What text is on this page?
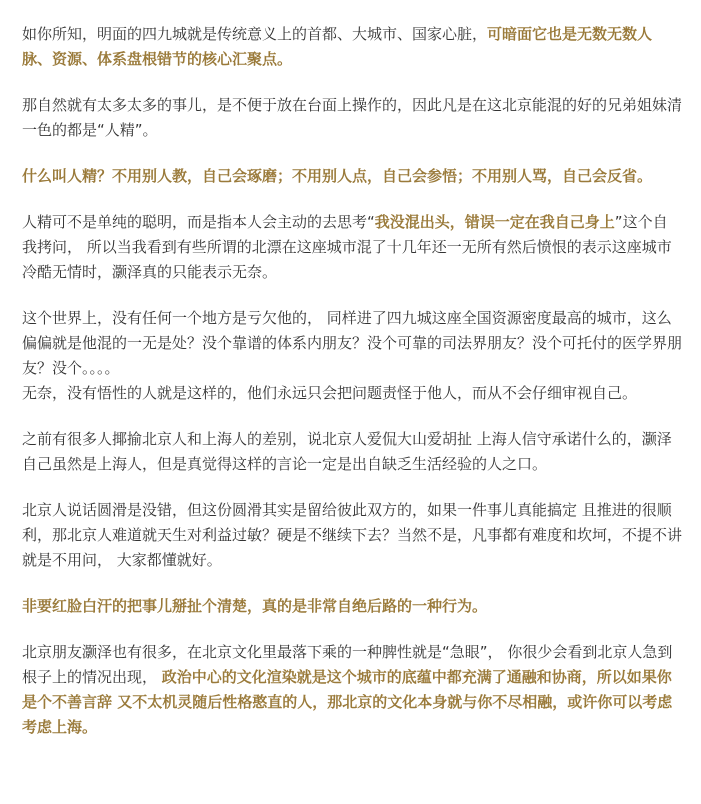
如你所知，明面的四九城就是传统意义上的首都、大城市、国家心脏，可暗面它也是无数无数人脉、资源、体系盘根错节的核心汇聚点。

那自然就有太多太多的事儿，是不便于放在台面上操作的，因此凡是在这北京能混的好的兄弟姐妹清一色的都是“人精”。

什么叫人精？不用别人教，自己会琢磨；不用别人点，自己会参悟；不用别人骂，自己会反省。

人精可不是单纯的聪明，而是指本人会主动的去思考“我没混出头，错误一定在我自己身上”这个自我拷问， 所以当我看到有些所谓的北漂在这座城市混了十几年还一无所有然后愤恨的表示这座城市冷酷无情时，灏泽真的只能表示无奈。

这个世界上，没有任何一个地方是亏欠他的， 同样进了四九城这座全国资源密度最高的城市，这么偏偏就是他混的一无是处？没个靠谱的体系内朋友？没个可靠的司法界朋友？没个可托付的医学界朋友？没个。。。。

无奈，没有悟性的人就是这样的，他们永远只会把问题责怪于他人，而从不会仔细审视自己。

之前有很多人揶揄北京人和上海人的差别，说北京人爱侃大山爱胡扯 上海人信守承诺什么的，灏泽自己虽然是上海人，但是真觉得这样的言论一定是出自缺乏生活经验的人之口。

北京人说话圆滑是没错，但这份圆滑其实是留给彼此双方的，如果一件事儿真能搞定 且推进的很顺利，那北京人难道就天生对利益过敏？硬是不继续下去？当然不是，凡事都有难度和坎坷，不提不讲就是不用问， 大家都懂就好。

非要红脸白汗的把事儿掰扯个清楚，真的是非常自绝后路的一种行为。

北京朋友灏泽也有很多，在北京文化里最落下乘的一种脾性就是“急眼”， 你很少会看到北京人急到根子上的情况出现， 政治中心的文化渲染就是这个城市的底蕴中都充满了通融和协商，所以如果你是个不善言辞 又不太机灵随后性格憨直的人，那北京的文化本身就与你不尽相融，或许你可以考虑考虑上海。
